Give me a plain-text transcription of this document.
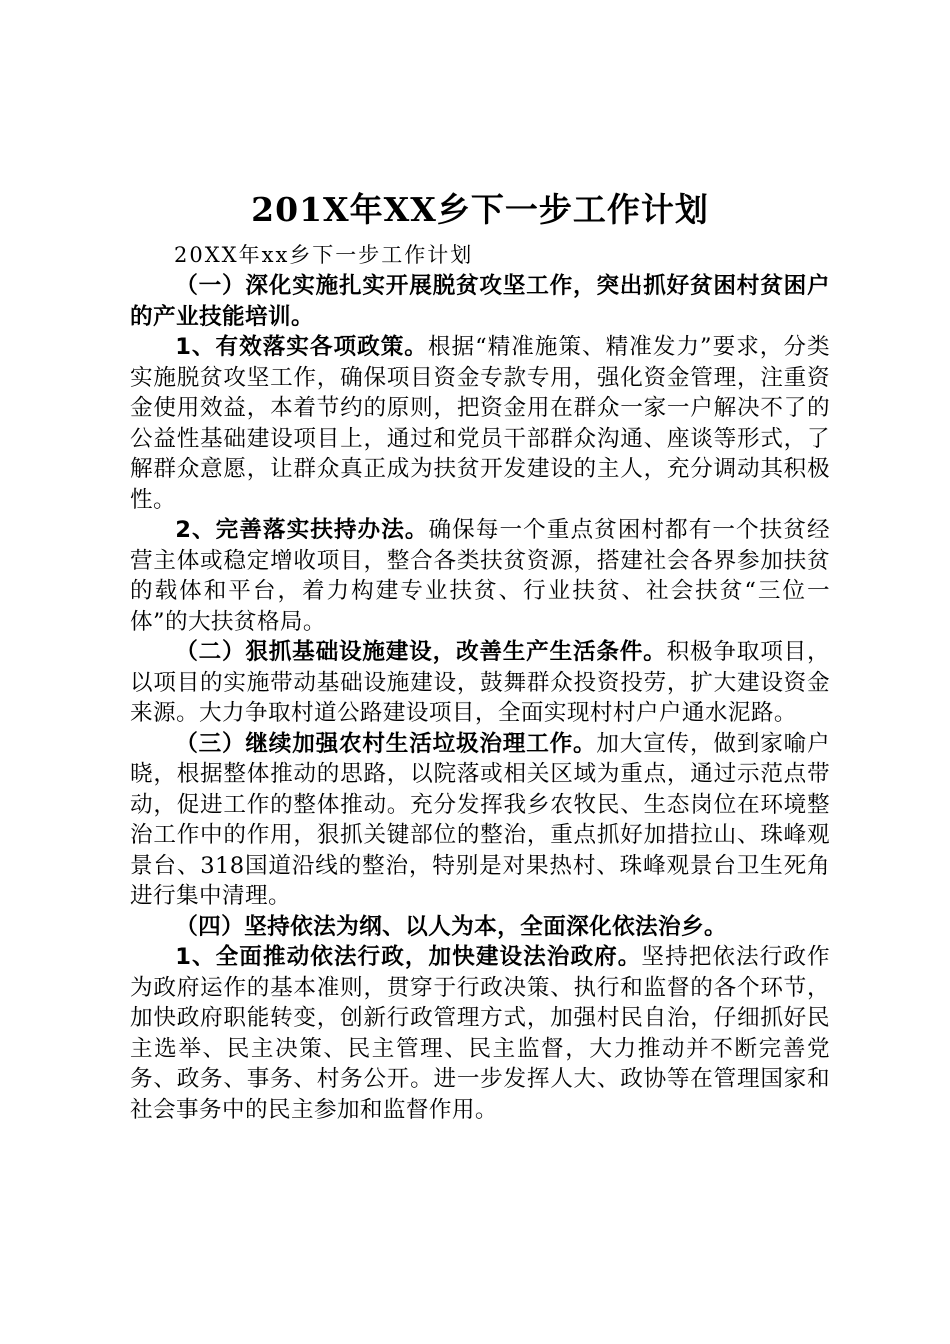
201X年XX乡下一步工作计划

20XX年xx乡下一步工作计划

（一）深化实施扎实开展脱贫攻坚工作，突出抓好贫困村贫困户的产业技能培训。

1、有效落实各项政策。根据“精准施策、精准发力”要求，分类实施脱贫攻坚工作，确保项目资金专款专用，强化资金管理，注重资金使用效益，本着节约的原则，把资金用在群众一家一户解决不了的公益性基础建设项目上，通过和党员干部群众沟通、座谈等形式，了解群众意愿，让群众真正成为扶贫开发建设的主人，充分调动其积极性。

2、完善落实扶持办法。确保每一个重点贫困村都有一个扶贫经营主体或稳定增收项目，整合各类扶贫资源，搭建社会各界参加扶贫的载体和平台，着力构建专业扶贫、行业扶贫、社会扶贫“三位一体”的大扶贫格局。

（二）狠抓基础设施建设，改善生产生活条件。积极争取项目，以项目的实施带动基础设施建设，鼓舞群众投资投劳，扩大建设资金来源。大力争取村道公路建设项目，全面实现村村户户通水泥路。

（三）继续加强农村生活垃圾治理工作。加大宣传，做到家喻户晓，根据整体推动的思路，以院落或相关区域为重点，通过示范点带动，促进工作的整体推动。充分发挥我乡农牧民、生态岗位在环境整治工作中的作用，狠抓关键部位的整治，重点抓好加措拉山、珠峰观景台、318国道沿线的整治，特别是对果热村、珠峰观景台卫生死角进行集中清理。

（四）坚持依法为纲、以人为本，全面深化依法治乡。

1、全面推动依法行政，加快建设法治政府。坚持把依法行政作为政府运作的基本准则，贯穿于行政决策、执行和监督的各个环节，加快政府职能转变，创新行政管理方式，加强村民自治，仔细抓好民主选举、民主决策、民主管理、民主监督，大力推动并不断完善党务、政务、事务、村务公开。进一步发挥人大、政协等在管理国家和社会事务中的民主参加和监督作用。
